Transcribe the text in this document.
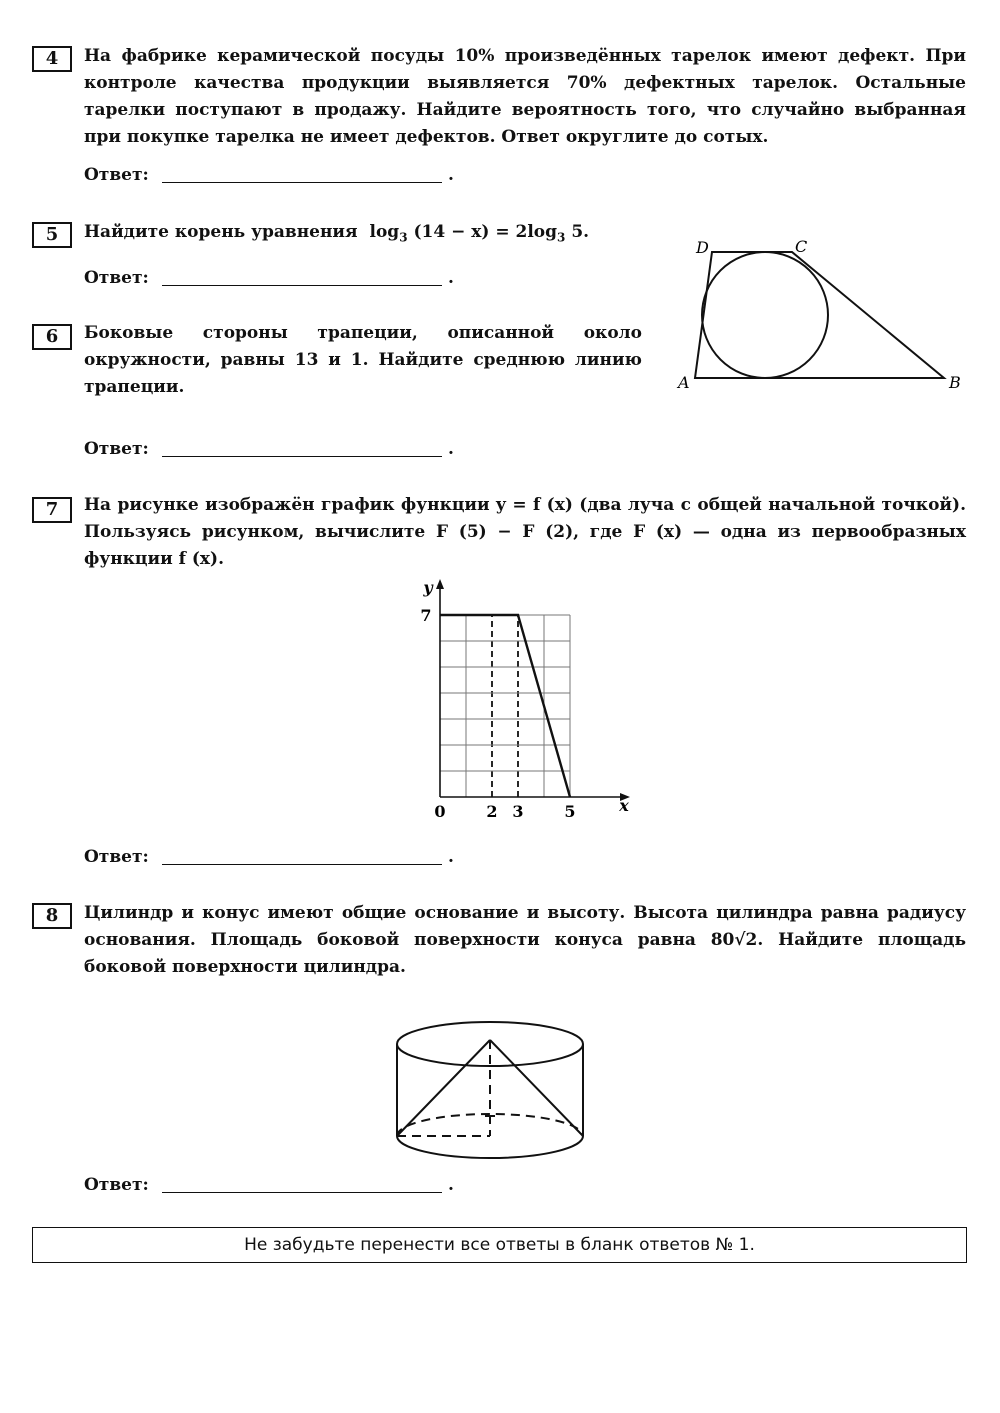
4	На фабрике керамической посуды 10% произведённых тарелок имеют дефект. При контроле качества продукции выявляется 70% дефектных тарелок. Остальные тарелки поступают в продажу. Найдите вероятность того, что случайно выбранная при покупке тарелка не имеет дефектов. Ответ округлите до сотых.
Ответ:	.
5	Найдите корень уравнения $\log_3 (14 - x) = 2\log_3$ 5.
Ответ:	.
D	C
A	B
6	Боковые стороны трапеции, описанной около окружности, равны 13 и 1. Найдите среднюю линию трапеции.
Ответ:	.
7	На рисунке изображён график функции y = f (x) (два луча с общей начальной точкой). Пользуясь рисунком, вычислите F (5) − F (2), где F (x) — одна из первообразных функции f (x).
y
x
7
0	2 3	5
Ответ:	.
8	Цилиндр и конус имеют общие основание и высоту. Высота цилиндра равна радиусу основания. Площадь боковой поверхности конуса равна 80√2. Найдите площадь боковой поверхности цилиндра.
Ответ:	.
Не забудьте перенести все ответы в бланк ответов № 1.
